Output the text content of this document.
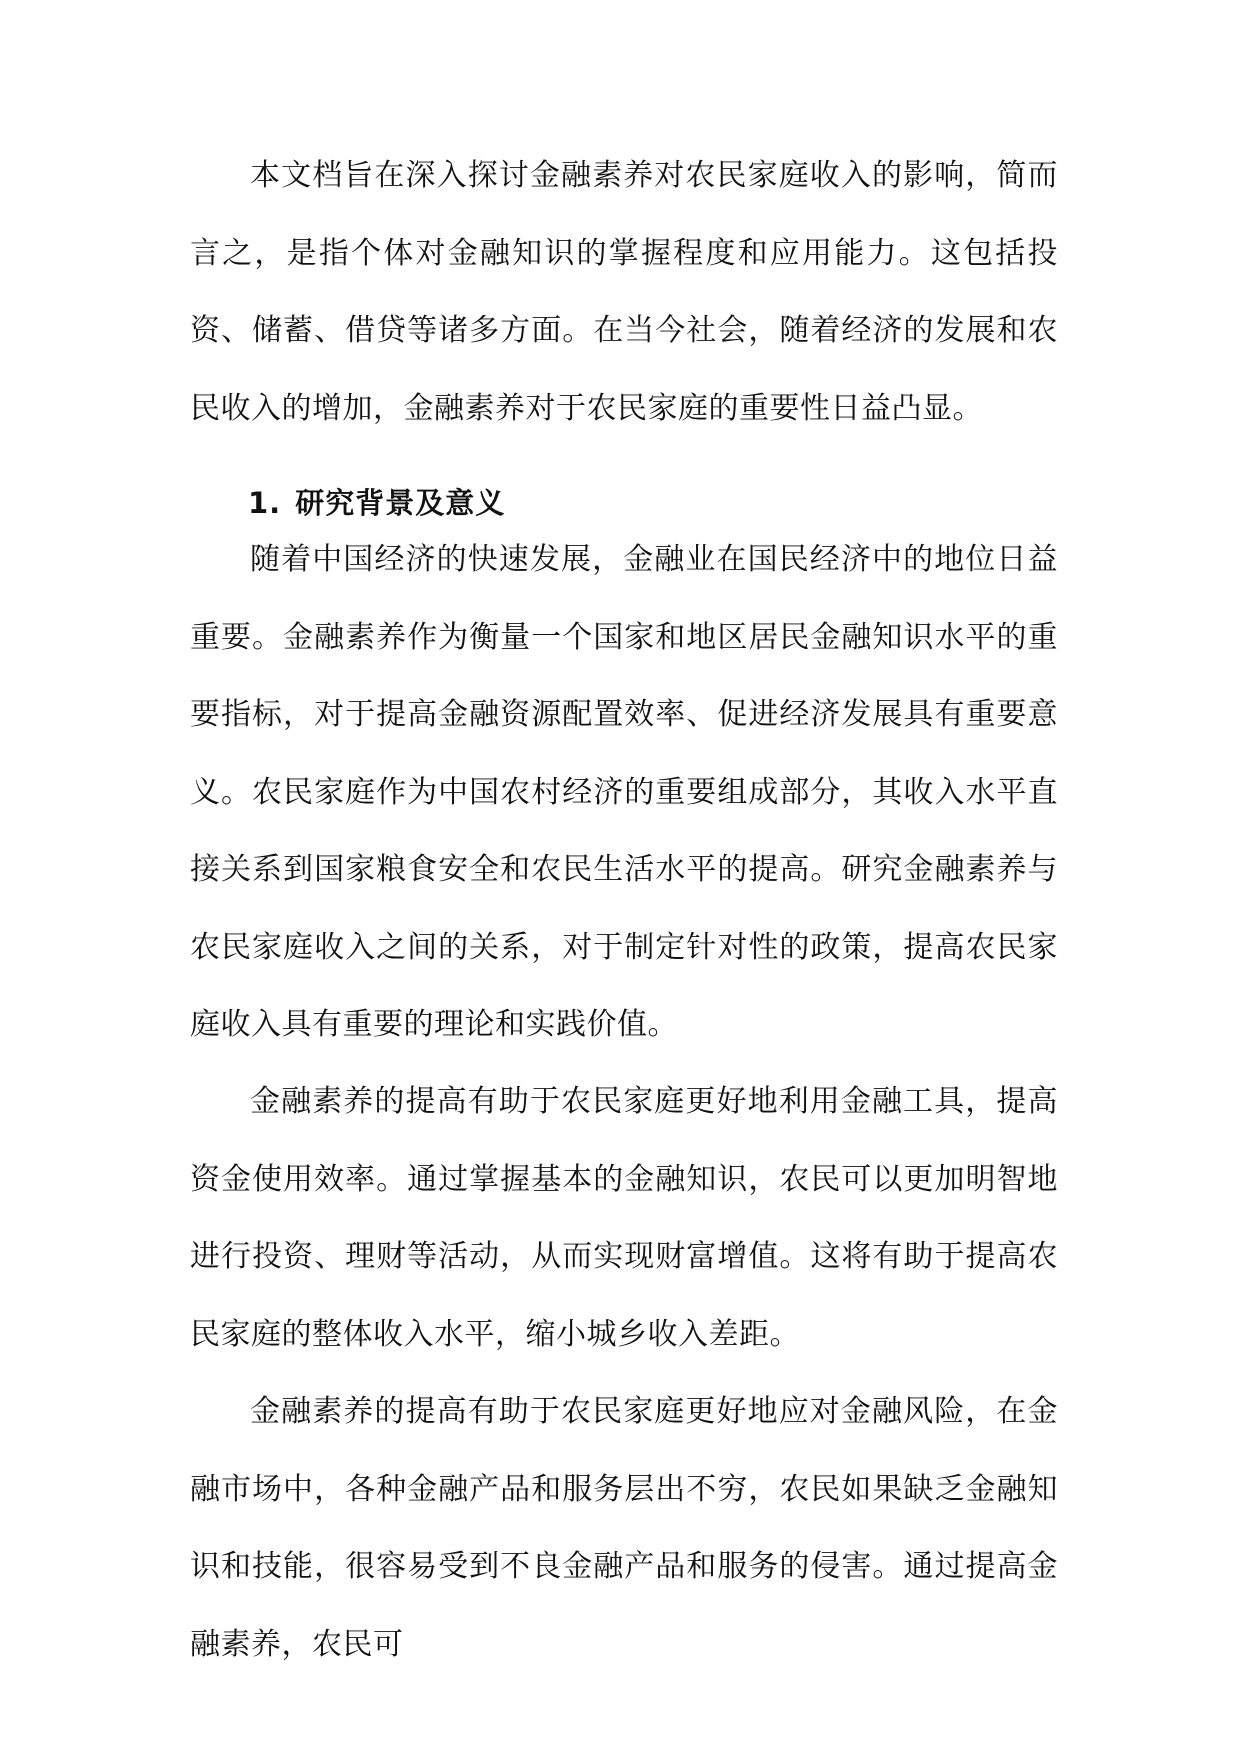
本文档旨在深入探讨金融素养对农民家庭收入的影响，简而言之，是指个体对金融知识的掌握程度和应用能力。这包括投资、储蓄、借贷等诸多方面。在当今社会，随着经济的发展和农民收入的增加，金融素养对于农民家庭的重要性日益凸显。

1. 研究背景及意义

随着中国经济的快速发展，金融业在国民经济中的地位日益重要。金融素养作为衡量一个国家和地区居民金融知识水平的重要指标，对于提高金融资源配置效率、促进经济发展具有重要意义。农民家庭作为中国农村经济的重要组成部分，其收入水平直接关系到国家粮食安全和农民生活水平的提高。研究金融素养与农民家庭收入之间的关系，对于制定针对性的政策，提高农民家庭收入具有重要的理论和实践价值。

金融素养的提高有助于农民家庭更好地利用金融工具，提高资金使用效率。通过掌握基本的金融知识，农民可以更加明智地进行投资、理财等活动，从而实现财富增值。这将有助于提高农民家庭的整体收入水平，缩小城乡收入差距。

金融素养的提高有助于农民家庭更好地应对金融风险，在金融市场中，各种金融产品和服务层出不穷，农民如果缺乏金融知识和技能，很容易受到不良金融产品和服务的侵害。通过提高金融素养，农民可
